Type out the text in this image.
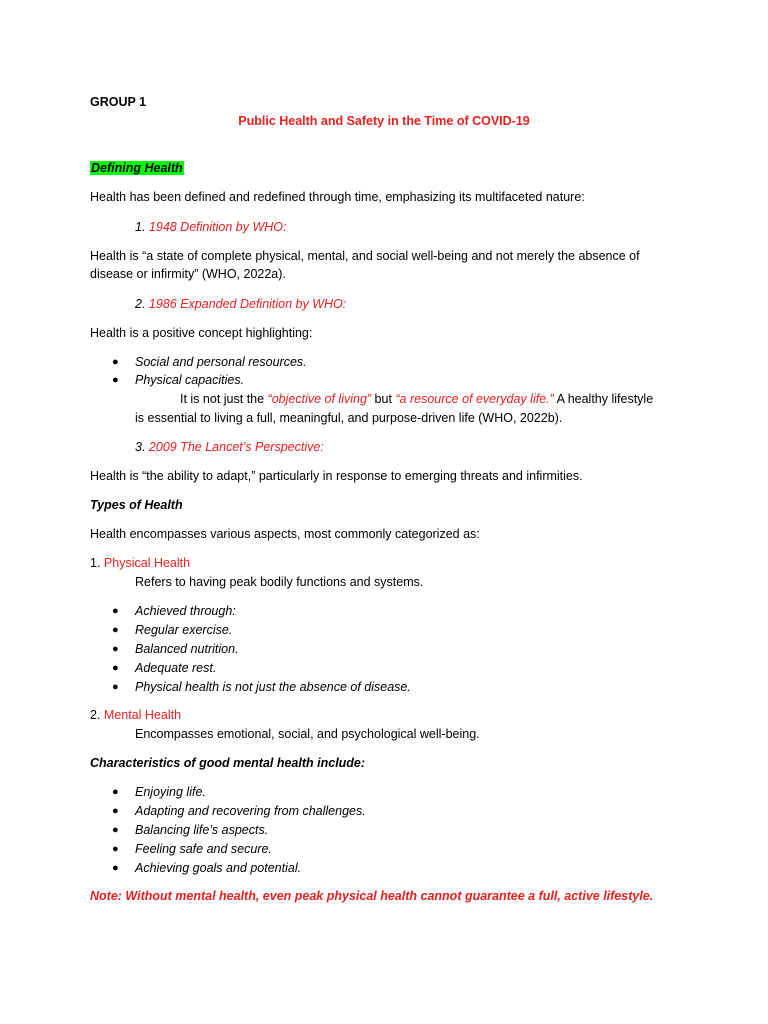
GROUP 1
Public Health and Safety in the Time of COVID-19
Defining Health
Health has been defined and redefined through time, emphasizing its multifaceted nature:
1. 1948 Definition by WHO:
Health is “a state of complete physical, mental, and social well-being and not merely the absence of
disease or infirmity” (WHO, 2022a).
2. 1986 Expanded Definition by WHO:
Health is a positive concept highlighting:
● Social and personal resources.
● Physical capacities.
It is not just the “objective of living” but “a resource of everyday life.” A healthy lifestyle
is essential to living a full, meaningful, and purpose-driven life (WHO, 2022b).
3. 2009 The Lancet’s Perspective:
Health is “the ability to adapt,” particularly in response to emerging threats and infirmities.
Types of Health
Health encompasses various aspects, most commonly categorized as:
1. Physical Health
Refers to having peak bodily functions and systems.
● Achieved through:
● Regular exercise.
● Balanced nutrition.
● Adequate rest.
● Physical health is not just the absence of disease.
2. Mental Health
Encompasses emotional, social, and psychological well-being.
Characteristics of good mental health include:
● Enjoying life.
● Adapting and recovering from challenges.
● Balancing life’s aspects.
● Feeling safe and secure.
● Achieving goals and potential.
Note: Without mental health, even peak physical health cannot guarantee a full, active lifestyle.
